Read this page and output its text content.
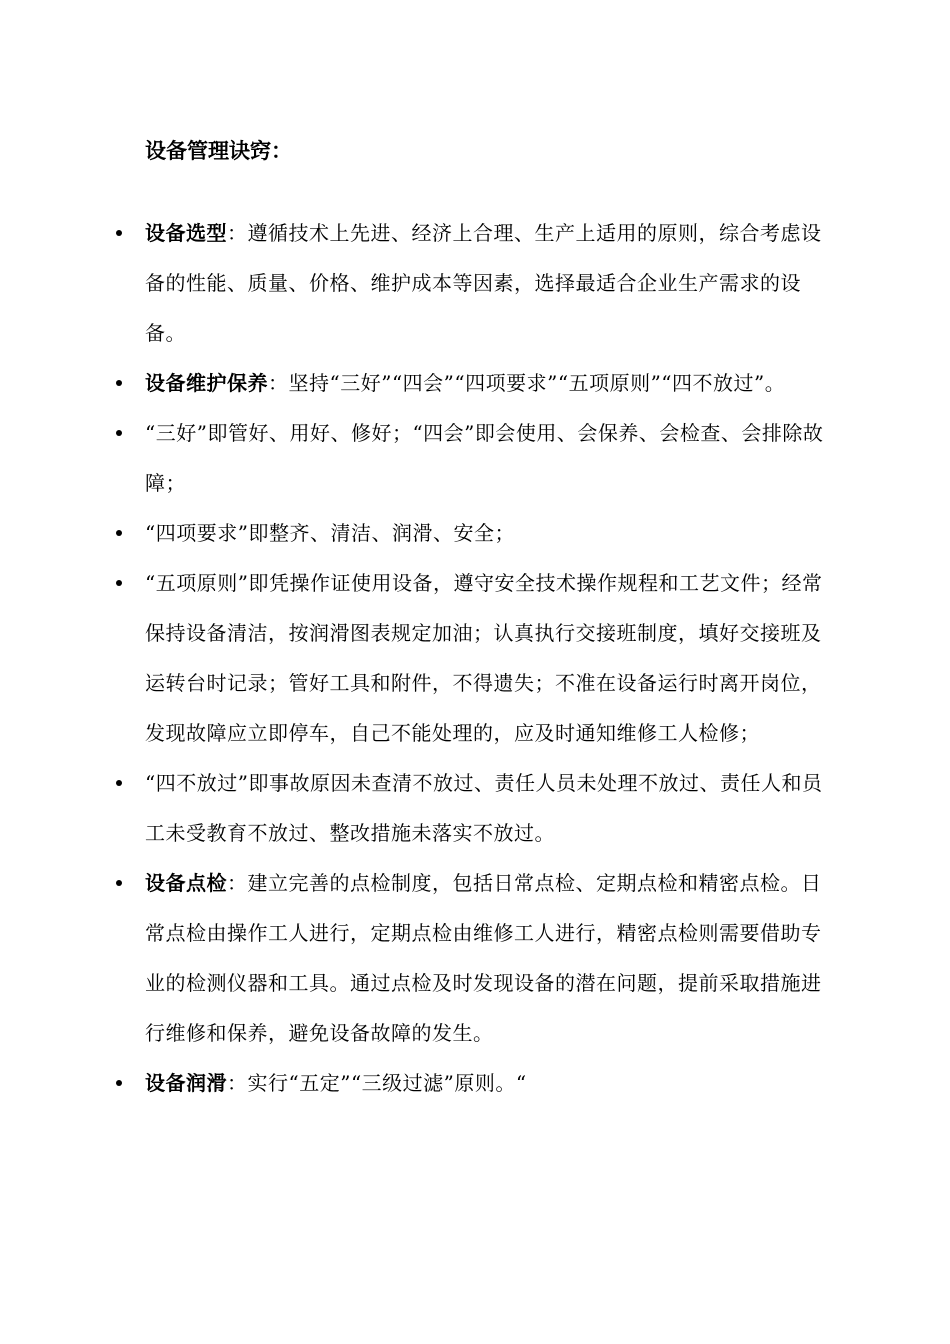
设备管理诀窍：
设备选型：遵循技术上先进、经济上合理、生产上适用的原则，综合考虑设备的性能、质量、价格、维护成本等因素，选择最适合企业生产需求的设备。
设备维护保养：坚持“三好”“四会”“四项要求”“五项原则”“四不放过”。
“三好”即管好、用好、修好；“四会”即会使用、会保养、会检查、会排除故障；
“四项要求”即整齐、清洁、润滑、安全；
“五项原则”即凭操作证使用设备，遵守安全技术操作规程和工艺文件；经常保持设备清洁，按润滑图表规定加油；认真执行交接班制度，填好交接班及运转台时记录；管好工具和附件，不得遗失；不准在设备运行时离开岗位，发现故障应立即停车，自己不能处理的，应及时通知维修工人检修；
“四不放过”即事故原因未查清不放过、责任人员未处理不放过、责任人和员工未受教育不放过、整改措施未落实不放过。
设备点检：建立完善的点检制度，包括日常点检、定期点检和精密点检。日常点检由操作工人进行，定期点检由维修工人进行，精密点检则需要借助专业的检测仪器和工具。通过点检及时发现设备的潜在问题，提前采取措施进行维修和保养，避免设备故障的发生。
设备润滑：实行“五定”“三级过滤”原则。“
